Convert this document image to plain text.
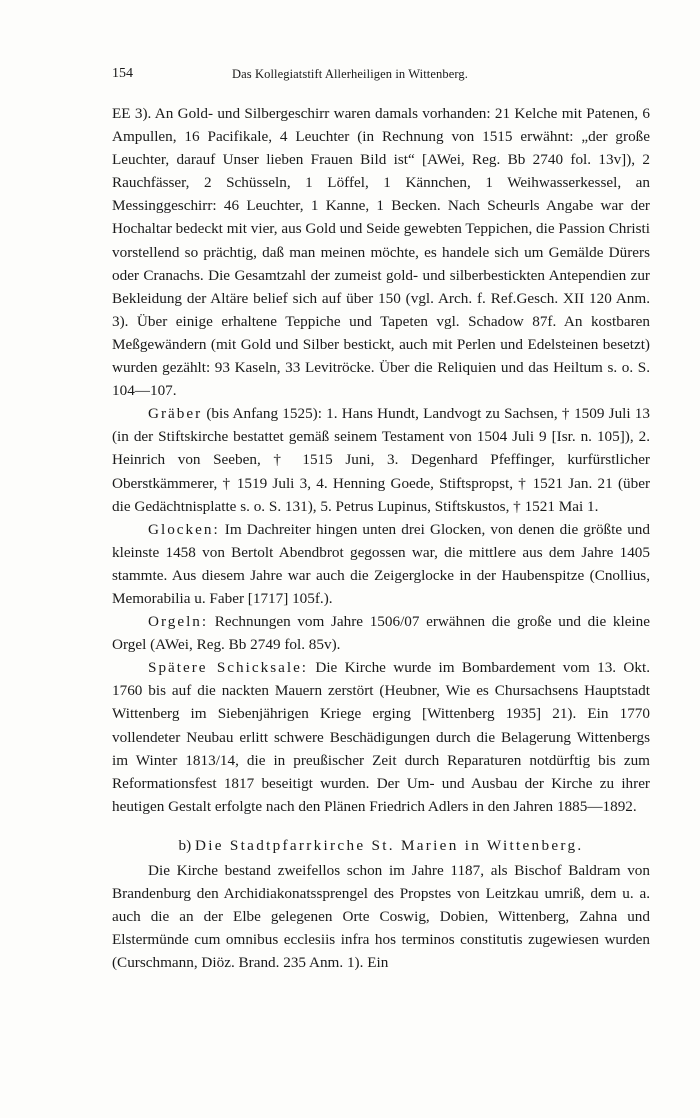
154	Das Kollegiatstift Allerheiligen in Wittenberg.

EE 3). An Gold- und Silbergeschirr waren damals vorhanden: 21 Kelche mit Patenen, 6 Ampullen, 16 Pacifikale, 4 Leuchter (in Rechnung von 1515 erwähnt: „der große Leuchter, darauf Unser lieben Frauen Bild ist“ [AWei, Reg. Bb 2740 fol. 13v]), 2 Rauchfässer, 2 Schüsseln, 1 Löffel, 1 Kännchen, 1 Weihwasserkessel, an Messinggeschirr: 46 Leuchter, 1 Kanne, 1 Becken. Nach Scheurls Angabe war der Hochaltar bedeckt mit vier, aus Gold und Seide gewebten Teppichen, die Passion Christi vorstellend so prächtig, daß man meinen möchte, es handele sich um Gemälde Dürers oder Cranachs. Die Gesamtzahl der zumeist gold- und silberbestickten Antependien zur Bekleidung der Altäre belief sich auf über 150 (vgl. Arch. f. Ref.Gesch. XII 120 Anm. 3). Über einige erhaltene Teppiche und Tapeten vgl. Schadow 87f. An kostbaren Meßgewändern (mit Gold und Silber bestickt, auch mit Perlen und Edelsteinen besetzt) wurden gezählt: 93 Kaseln, 33 Levitröcke. Über die Reliquien und das Heiltum s. o. S. 104—107.

Gräber (bis Anfang 1525): 1. Hans Hundt, Landvogt zu Sachsen, † 1509 Juli 13 (in der Stiftskirche bestattet gemäß seinem Testament von 1504 Juli 9 [Isr. n. 105]), 2. Heinrich von Seeben, † 1515 Juni, 3. Degenhard Pfeffinger, kurfürstlicher Oberstkämmerer, † 1519 Juli 3, 4. Henning Goede, Stiftspropst, † 1521 Jan. 21 (über die Gedächtnisplatte s. o. S. 131), 5. Petrus Lupinus, Stiftskustos, † 1521 Mai 1.

Glocken: Im Dachreiter hingen unten drei Glocken, von denen die größte und kleinste 1458 von Bertolt Abendbrot gegossen war, die mittlere aus dem Jahre 1405 stammte. Aus diesem Jahre war auch die Zeigerglocke in der Haubenspitze (Cnollius, Memorabilia u. Faber [1717] 105f.).

Orgeln: Rechnungen vom Jahre 1506/07 erwähnen die große und die kleine Orgel (AWei, Reg. Bb 2749 fol. 85v).

Spätere Schicksale: Die Kirche wurde im Bombardement vom 13. Okt. 1760 bis auf die nackten Mauern zerstört (Heubner, Wie es Chursachsens Hauptstadt Wittenberg im Siebenjährigen Kriege erging [Wittenberg 1935] 21). Ein 1770 vollendeter Neubau erlitt schwere Beschädigungen durch die Belagerung Wittenbergs im Winter 1813/14, die in preußischer Zeit durch Reparaturen notdürftig bis zum Reformationsfest 1817 beseitigt wurden. Der Um- und Ausbau der Kirche zu ihrer heutigen Gestalt erfolgte nach den Plänen Friedrich Adlers in den Jahren 1885—1892.

b) Die Stadtpfarrkirche St. Marien in Wittenberg.

Die Kirche bestand zweifellos schon im Jahre 1187, als Bischof Baldram von Brandenburg den Archidiakonatssprengel des Propstes von Leitzkau umriß, dem u. a. auch die an der Elbe gelegenen Orte Coswig, Dobien, Wittenberg, Zahna und Elstermünde cum omnibus ecclesiis infra hos terminos constitutis zugewiesen wurden (Curschmann, Diöz. Brand. 235 Anm. 1). Ein
